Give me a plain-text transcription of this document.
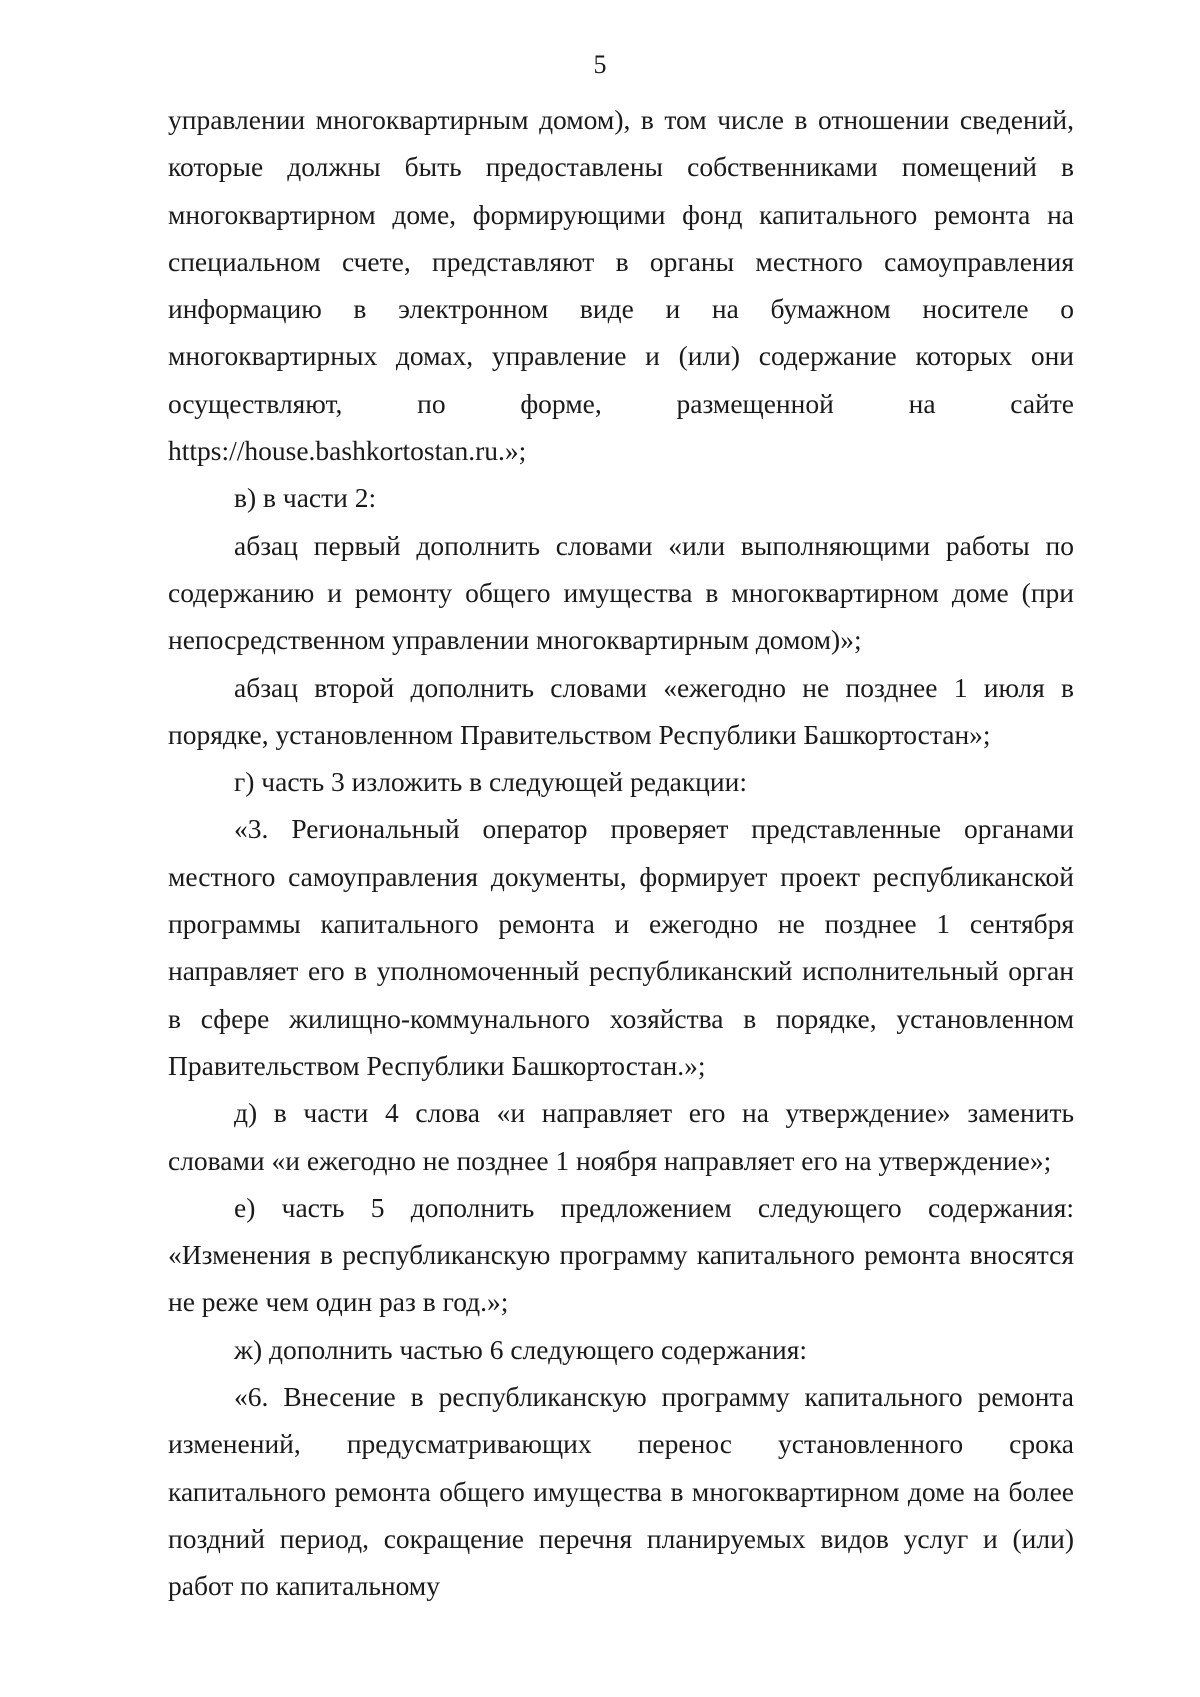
5

управлении многоквартирным домом), в том числе в отношении сведений, которые должны быть предоставлены собственниками помещений в многоквартирном доме, формирующими фонд капитального ремонта на специальном счете, представляют в органы местного самоуправления информацию в электронном виде и на бумажном носителе о многоквартирных домах, управление и (или) содержание которых они осуществляют, по форме, размещенной на сайте https://house.bashkortostan.ru.»;

в) в части 2:

абзац первый дополнить словами «или выполняющими работы по содержанию и ремонту общего имущества в многоквартирном доме (при непосредственном управлении многоквартирным домом)»;

абзац второй дополнить словами «ежегодно не позднее 1 июля в порядке, установленном Правительством Республики Башкортостан»;

г) часть 3 изложить в следующей редакции:

«3. Региональный оператор проверяет представленные органами местного самоуправления документы, формирует проект республиканской программы капитального ремонта и ежегодно не позднее 1 сентября направляет его в уполномоченный республиканский исполнительный орган в сфере жилищно-коммунального хозяйства в порядке, установленном Правительством Республики Башкортостан.»;

д) в части 4 слова «и направляет его на утверждение» заменить словами «и ежегодно не позднее 1 ноября направляет его на утверждение»;

е) часть 5 дополнить предложением следующего содержания: «Изменения в республиканскую программу капитального ремонта вносятся не реже чем один раз в год.»;

ж) дополнить частью 6 следующего содержания:

«6. Внесение в республиканскую программу капитального ремонта изменений, предусматривающих перенос установленного срока капитального ремонта общего имущества в многоквартирном доме на более поздний период, сокращение перечня планируемых видов услуг и (или) работ по капитальному
